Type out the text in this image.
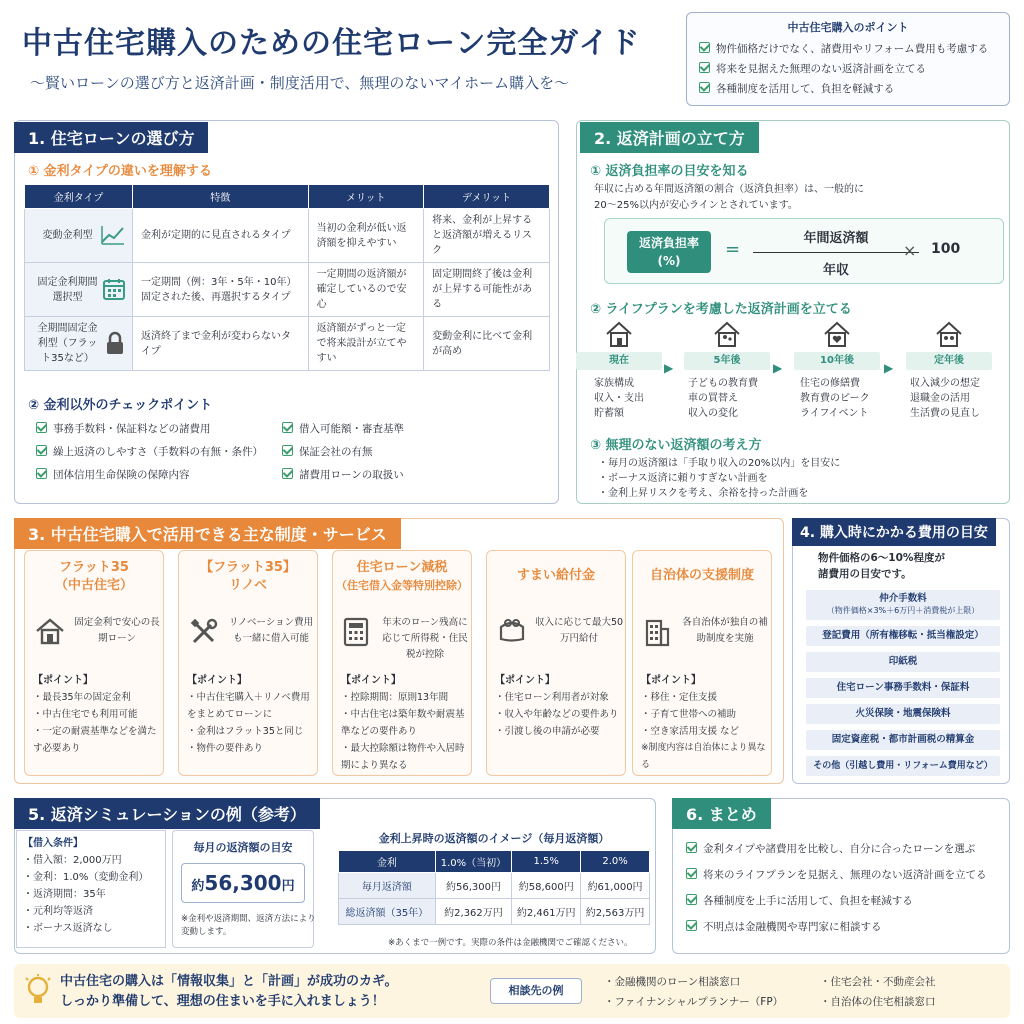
中古住宅購入のための住宅ローン完全ガイド
〜賢いローンの選び方と返済計画・制度活用で、無理のないマイホーム購入を〜
中古住宅購入のポイント
物件価格だけでなく、諸費用やリフォーム費用も考慮する
将来を見据えた無理のない返済計画を立てる
各種制度を活用して、負担を軽減する
1. 住宅ローンの選び方
① 金利タイプの違いを理解する
金利タイプ	特徴	メリット	デメリット
変動金利型	金利が定期的に見直されるタイプ	当初の金利が低い返済額を抑えやすい	将来、金利が上昇すると返済額が増えるリスク
固定金利期間選択型	一定期間（例：3年・5年・10年）固定された後、再選択するタイプ	一定期間の返済額が確定しているので安心	固定期間終了後は金利が上昇する可能性がある
全期間固定金利型（フラット35など）	返済終了まで金利が変わらないタイプ	返済額がずっと一定で将来設計が立てやすい	変動金利に比べて金利が高め
② 金利以外のチェックポイント
事務手数料・保証料などの諸費用
繰上返済のしやすさ（手数料の有無・条件）
団体信用生命保険の保障内容
借入可能額・審査基準
保証会社の有無
諸費用ローンの取扱い
2. 返済計画の立て方
① 返済負担率の目安を知る
年収に占める年間返済額の割合（返済負担率）は、一般的に
20〜25%以内が安心ラインとされています。
返済負担率
(%)
=
年間返済額
年収
× 100
② ライフプランを考慮した返済計画を立てる
現在	5年後	10年後	定年後
▶	▶	▶
家族構成
収入・支出
貯蓄額
子どもの教育費
車の買替え
収入の変化
住宅の修繕費
教育費のピーク
ライフイベント
収入減少の想定
退職金の活用
生活費の見直し
③ 無理のない返済額の考え方
・毎月の返済額は「手取り収入の20%以内」を目安に
・ボーナス返済に頼りすぎない計画を
・金利上昇リスクを考え、余裕を持った計画を
3. 中古住宅購入で活用できる主な制度・サービス
フラット35
（中古住宅）
固定金利で安心の長期ローン
【ポイント】
・最長35年の固定金利
・中古住宅でも利用可能
・一定の耐震基準などを満たす必要あり
【フラット35】
リノベ
リノベーション費用も一緒に借入可能
【ポイント】
・中古住宅購入＋リノベ費用をまとめてローンに
・金利はフラット35と同じ
・物件の要件あり
住宅ローン減税
（住宅借入金等特別控除）
年末のローン残高に応じて所得税・住民税が控除
【ポイント】
・控除期間：原則13年間
・中古住宅は築年数や耐震基準などの要件あり
・最大控除額は物件や入居時期により異なる
すまい給付金
収入に応じて最大50万円給付
【ポイント】
・住宅ローン利用者が対象
・収入や年齢などの要件あり
・引渡し後の申請が必要
自治体の支援制度
各自治体が独自の補助制度を実施
【ポイント】
・移住・定住支援
・子育て世帯への補助
・空き家活用支援 など
※制度内容は自治体により異なる
4. 購入時にかかる費用の目安
物件価格の6〜10%程度が
諸費用の目安です。
仲介手数料
（物件価格×3%＋6万円＋消費税が上限）
登記費用（所有権移転・抵当権設定）
印紙税
住宅ローン事務手数料・保証料
火災保険・地震保険料
固定資産税・都市計画税の精算金
その他（引越し費用・リフォーム費用など）
5. 返済シミュレーションの例（参考）
【借入条件】
・借入額：2,000万円
・金利：1.0%（変動金利）
・返済期間：35年
・元利均等返済
・ボーナス返済なし
毎月の返済額の目安
約56,300円
※金利や返済期間、返済方法により
変動します。
金利上昇時の返済額のイメージ（毎月返済額）
金利	1.0%（当初）	1.5%	2.0%
毎月返済額	約56,300円	約58,600円	約61,000円
総返済額（35年）	約2,362万円	約2,461万円	約2,563万円
※あくまで一例です。実際の条件は金融機関でご確認ください。
6. まとめ
金利タイプや諸費用を比較し、自分に合ったローンを選ぶ
将来のライフプランを見据え、無理のない返済計画を立てる
各種制度を上手に活用して、負担を軽減する
不明点は金融機関や専門家に相談する
中古住宅の購入は「情報収集」と「計画」が成功のカギ。
しっかり準備して、理想の住まいを手に入れましょう！
相談先の例
・金融機関のローン相談窓口
・ファイナンシャルプランナー（FP）
・住宅会社・不動産会社
・自治体の住宅相談窓口
